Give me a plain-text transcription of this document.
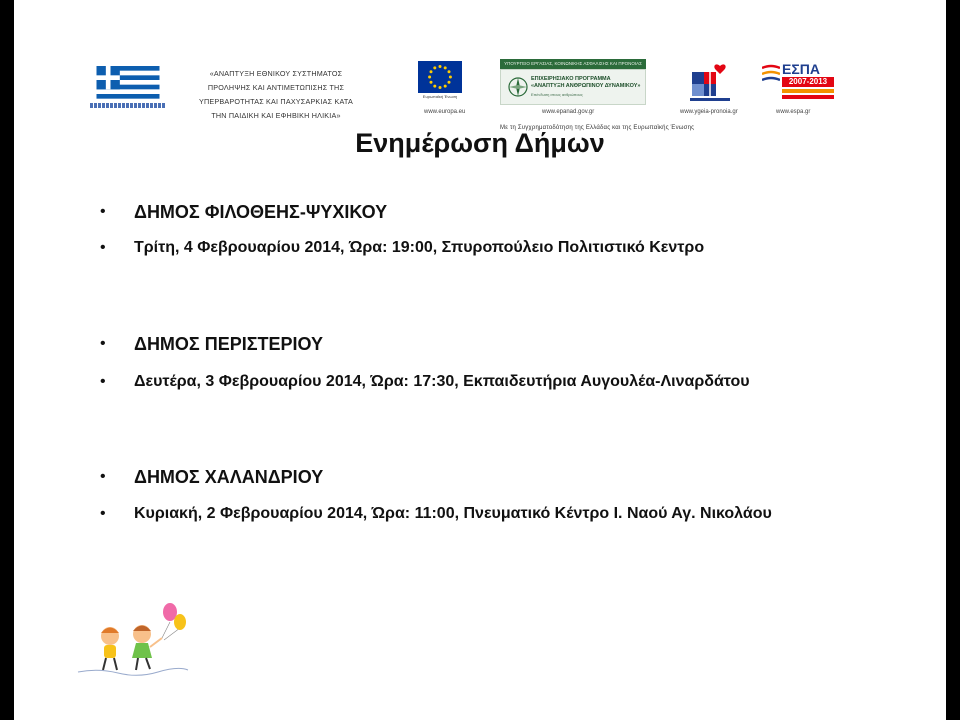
«ΑΝΑΠΤΥΞΗ ΕΘΝΙΚΟΥ ΣΥΣΤΗΜΑΤΟΣ
ΠΡΟΛΗΨΗΣ ΚΑΙ ΑΝΤΙΜΕΤΩΠΙΣΗΣ ΤΗΣ
ΥΠΕΡΒΑΡΟΤΗΤΑΣ ΚΑΙ ΠΑΧΥΣΑΡΚΙΑΣ ΚΑΤΑ
ΤΗΝ ΠΑΙΔΙΚΗ ΚΑΙ ΕΦΗΒΙΚΗ ΗΛΙΚΙΑ»
Ευρωπαϊκή Ένωση
www.europa.eu
ΥΠΟΥΡΓΕΙΟ ΕΡΓΑΣΙΑΣ, ΚΟΙΝΩΝΙΚΗΣ ΑΣΦΑΛΙΣΗΣ ΚΑΙ ΠΡΟΝΟΙΑΣ
ΕΠΙΧΕΙΡΗΣΙΑΚΟ ΠΡΟΓΡΑΜΜΑ «ΑΝΑΠΤΥΞΗ ΑΝΘΡΩΠΙΝΟΥ ΔΥΝΑΜΙΚΟΥ»
Επένδυση στους ανθρώπους
www.epanad.gov.gr	www.ygeia-pronoia.gr
ΕΣΠΑ
2007-2013
www.espa.gr
Με τη Συγχρηματοδότηση της Ελλάδας και της Ευρωπαϊκής Ένωσης
Ενημέρωση Δήμων
• ΔΗΜΟΣ ΦΙΛΟΘΕΗΣ-ΨΥΧΙΚΟΥ
• Τρίτη, 4 Φεβρουαρίου 2014, Ώρα: 19:00, Σπυροπούλειο Πολιτιστικό Κεντρο
• ΔΗΜΟΣ ΠΕΡΙΣΤΕΡΙΟΥ
• Δευτέρα, 3 Φεβρουαρίου 2014, Ώρα: 17:30, Εκπαιδευτήρια Αυγουλέα-Λιναρδάτου
• ΔΗΜΟΣ ΧΑΛΑΝΔΡΙΟΥ
• Κυριακή, 2 Φεβρουαρίου 2014, Ώρα: 11:00, Πνευματικό Κέντρο Ι. Ναού Αγ. Νικολάου
